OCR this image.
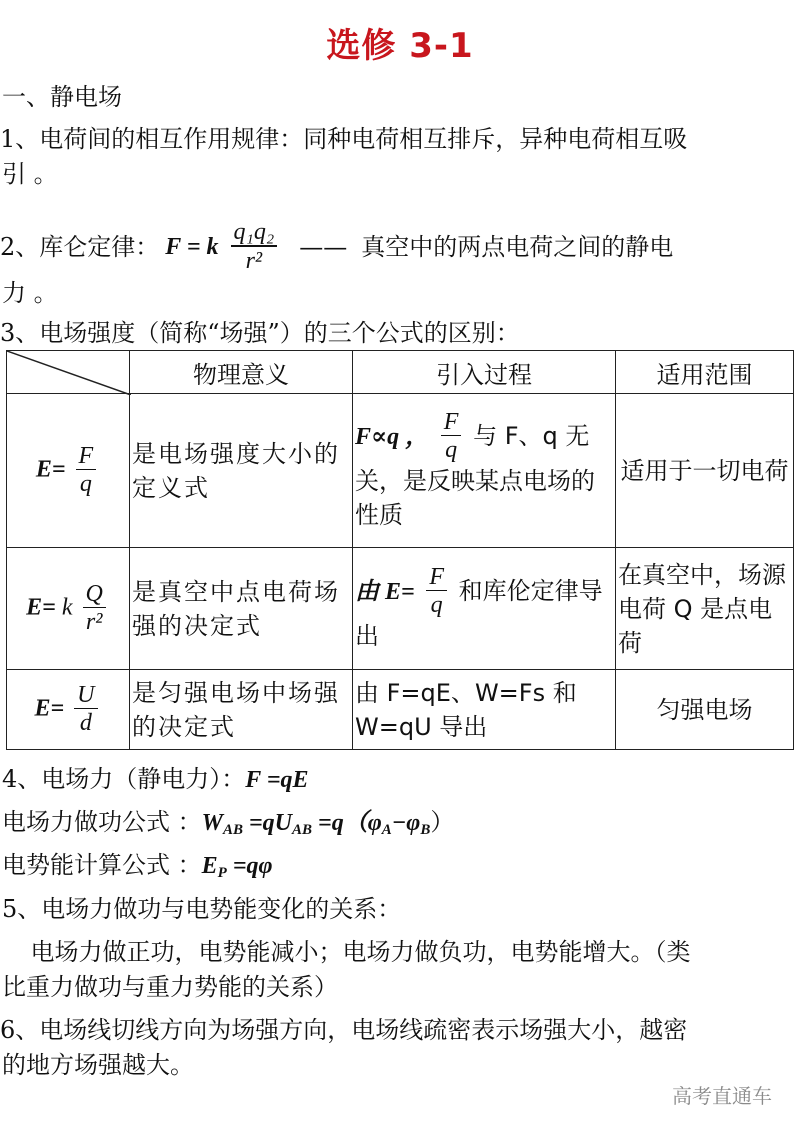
选修 3-1
一、静电场
1、电荷间的相互作用规律：同种电荷相互排斥，异种电荷相互吸
引 。
2、库仑定律： F = k $\frac{\text{q₁q₂}}{\text{r²}}$ —— 真空中的两点电荷之间的静电
力 。
3、电场强度（简称“场强”）的三个公式的区别：
	物理意义	引入过程	适用范围
$E= \frac{F}{q}$	是电场强度大小的定义式	F∝q ， $\frac{F}{q}$ 与 F、q 无关，是反映某点电场的性质	适用于一切电荷
E= k $\frac{Q}{\text{r²}}$	是真空中点电荷场强的决定式	由 $E= \frac{F}{q}$ 和库伦定律导出	在真空中，场源电荷 Q 是点电荷
$E= \frac{U}{d}$	是匀强电场中场强的决定式	由 F=qE、W=Fs 和 W=qU 导出	匀强电场
4、电场力（静电力）：F =qE
电场力做功公式 ：$W_{AB} =qU_{AB} =q(\varphi_A-\varphi_B)$
电势能计算公式 ：$E_P =q\varphi$
5、电场力做功与电势能变化的关系：
电场力做正功，电势能减小；电场力做负功，电势能增大。（类
比重力做功与重力势能的关系）
6、电场线切线方向为场强方向，电场线疏密表示场强大小，越密
的地方场强越大。
高考直通车
